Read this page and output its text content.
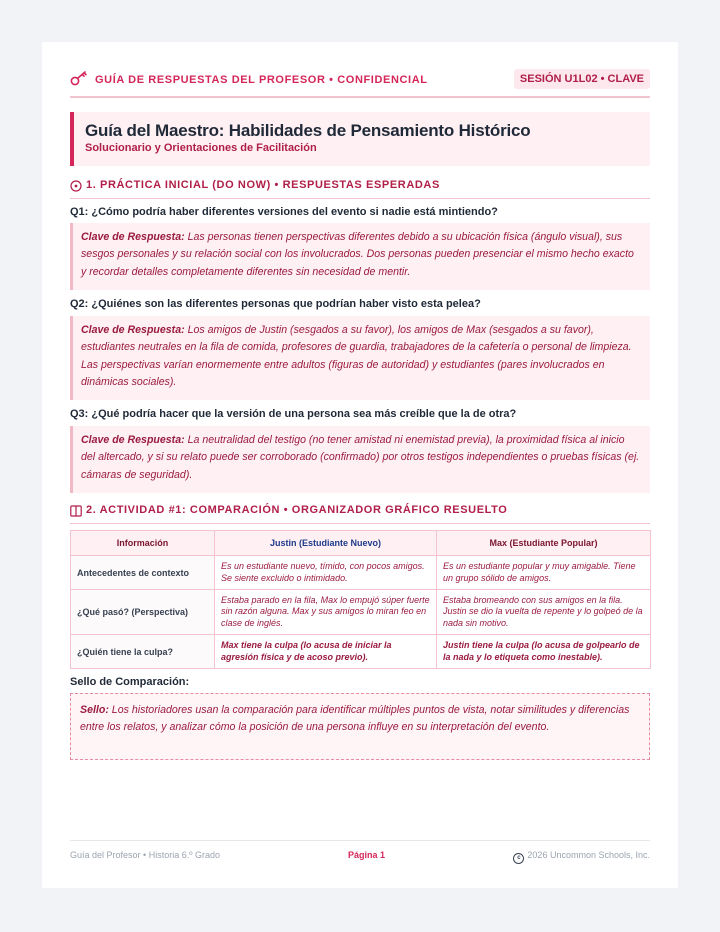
GUÍA DE RESPUESTAS DEL PROFESOR • CONFIDENCIAL	SESIÓN U1L02 • CLAVE
Guía del Maestro: Habilidades de Pensamiento Histórico
Solucionario y Orientaciones de Facilitación
1. PRÁCTICA INICIAL (DO NOW) • RESPUESTAS ESPERADAS
Q1: ¿Cómo podría haber diferentes versiones del evento si nadie está mintiendo?
Clave de Respuesta: Las personas tienen perspectivas diferentes debido a su ubicación física (ángulo visual), sus sesgos personales y su relación social con los involucrados. Dos personas pueden presenciar el mismo hecho exacto y recordar detalles completamente diferentes sin necesidad de mentir.
Q2: ¿Quiénes son las diferentes personas que podrían haber visto esta pelea?
Clave de Respuesta: Los amigos de Justin (sesgados a su favor), los amigos de Max (sesgados a su favor), estudiantes neutrales en la fila de comida, profesores de guardia, trabajadores de la cafetería o personal de limpieza. Las perspectivas varían enormemente entre adultos (figuras de autoridad) y estudiantes (pares involucrados en dinámicas sociales).
Q3: ¿Qué podría hacer que la versión de una persona sea más creíble que la de otra?
Clave de Respuesta: La neutralidad del testigo (no tener amistad ni enemistad previa), la proximidad física al inicio del altercado, y si su relato puede ser corroborado (confirmado) por otros testigos independientes o pruebas físicas (ej. cámaras de seguridad).
2. ACTIVIDAD #1: COMPARACIÓN • ORGANIZADOR GRÁFICO RESUELTO
Información	Justin (Estudiante Nuevo)	Max (Estudiante Popular)
Antecedentes de contexto	Es un estudiante nuevo, tímido, con pocos amigos. Se siente excluido o intimidado.	Es un estudiante popular y muy amigable. Tiene un grupo sólido de amigos.
¿Qué pasó? (Perspectiva)	Estaba parado en la fila, Max lo empujó súper fuerte sin razón alguna. Max y sus amigos lo miran feo en clase de inglés.	Estaba bromeando con sus amigos en la fila. Justin se dio la vuelta de repente y lo golpeó de la nada sin motivo.
¿Quién tiene la culpa?	Max tiene la culpa (lo acusa de iniciar la agresión física y de acoso previo).	Justin tiene la culpa (lo acusa de golpearlo de la nada y lo etiqueta como inestable).
Sello de Comparación:
Sello: Los historiadores usan la comparación para identificar múltiples puntos de vista, notar similitudes y diferencias entre los relatos, y analizar cómo la posición de una persona influye en su interpretación del evento.
Guía del Profesor • Historia 6.º Grado	Página 1	c 2026 Uncommon Schools, Inc.
